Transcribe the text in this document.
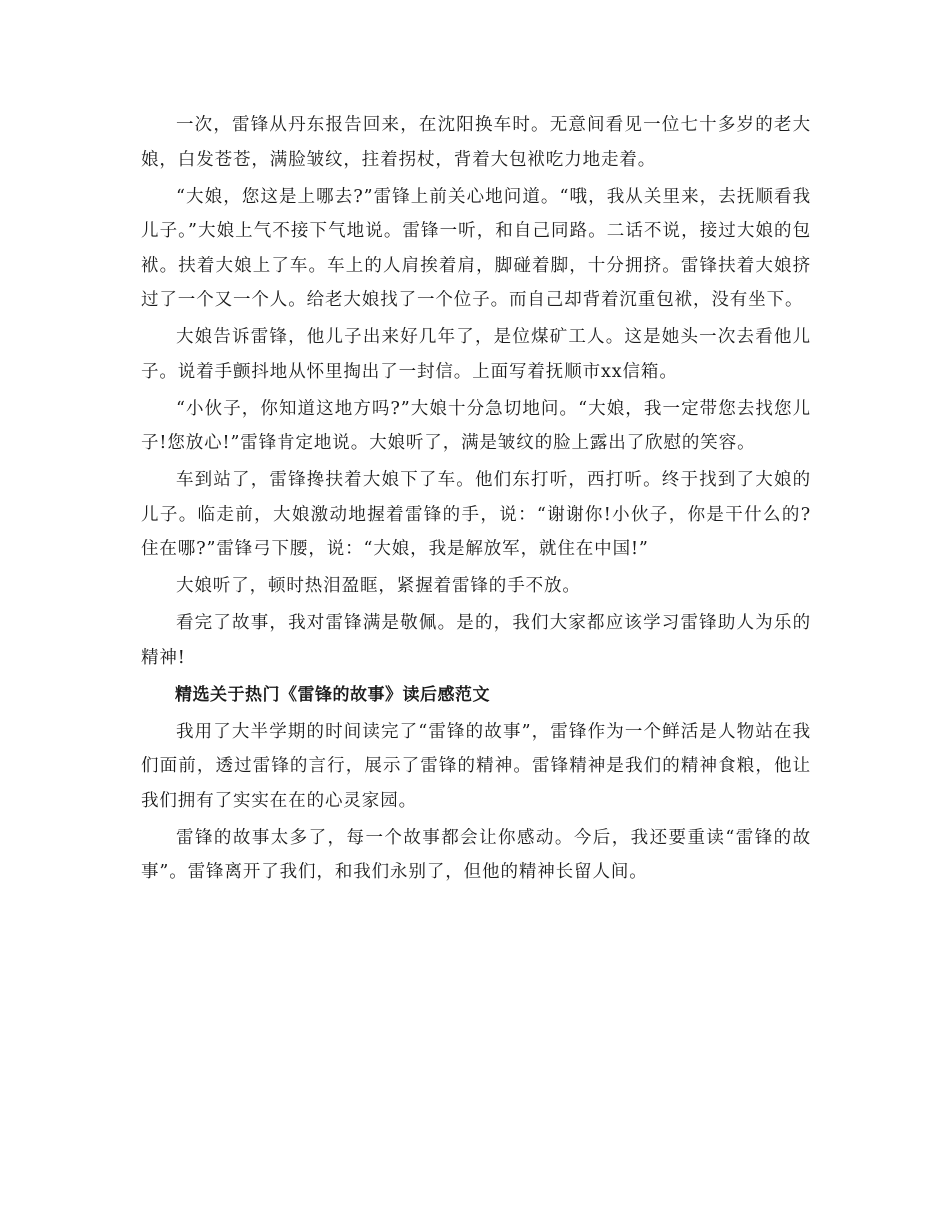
一次，雷锋从丹东报告回来，在沈阳换车时。无意间看见一位七十多岁的老大娘，白发苍苍，满脸皱纹，拄着拐杖，背着大包袱吃力地走着。

“大娘，您这是上哪去?”雷锋上前关心地问道。“哦，我从关里来，去抚顺看我儿子。”大娘上气不接下气地说。雷锋一听，和自己同路。二话不说，接过大娘的包袱。扶着大娘上了车。车上的人肩挨着肩，脚碰着脚，十分拥挤。雷锋扶着大娘挤过了一个又一个人。给老大娘找了一个位子。而自己却背着沉重包袱，没有坐下。

大娘告诉雷锋，他儿子出来好几年了，是位煤矿工人。这是她头一次去看他儿子。说着手颤抖地从怀里掏出了一封信。上面写着抚顺市xx信箱。

“小伙子，你知道这地方吗?”大娘十分急切地问。“大娘，我一定带您去找您儿子!您放心!”雷锋肯定地说。大娘听了，满是皱纹的脸上露出了欣慰的笑容。

车到站了，雷锋搀扶着大娘下了车。他们东打听，西打听。终于找到了大娘的儿子。临走前，大娘激动地握着雷锋的手，说：“谢谢你!小伙子，你是干什么的?住在哪?”雷锋弓下腰，说：“大娘，我是解放军，就住在中国!”

大娘听了，顿时热泪盈眶，紧握着雷锋的手不放。

看完了故事，我对雷锋满是敬佩。是的，我们大家都应该学习雷锋助人为乐的精神!

精选关于热门《雷锋的故事》读后感范文

我用了大半学期的时间读完了“雷锋的故事”，雷锋作为一个鲜活是人物站在我们面前，透过雷锋的言行，展示了雷锋的精神。雷锋精神是我们的精神食粮，他让我们拥有了实实在在的心灵家园。

雷锋的故事太多了，每一个故事都会让你感动。今后，我还要重读“雷锋的故事”。雷锋离开了我们，和我们永别了，但他的精神长留人间。
